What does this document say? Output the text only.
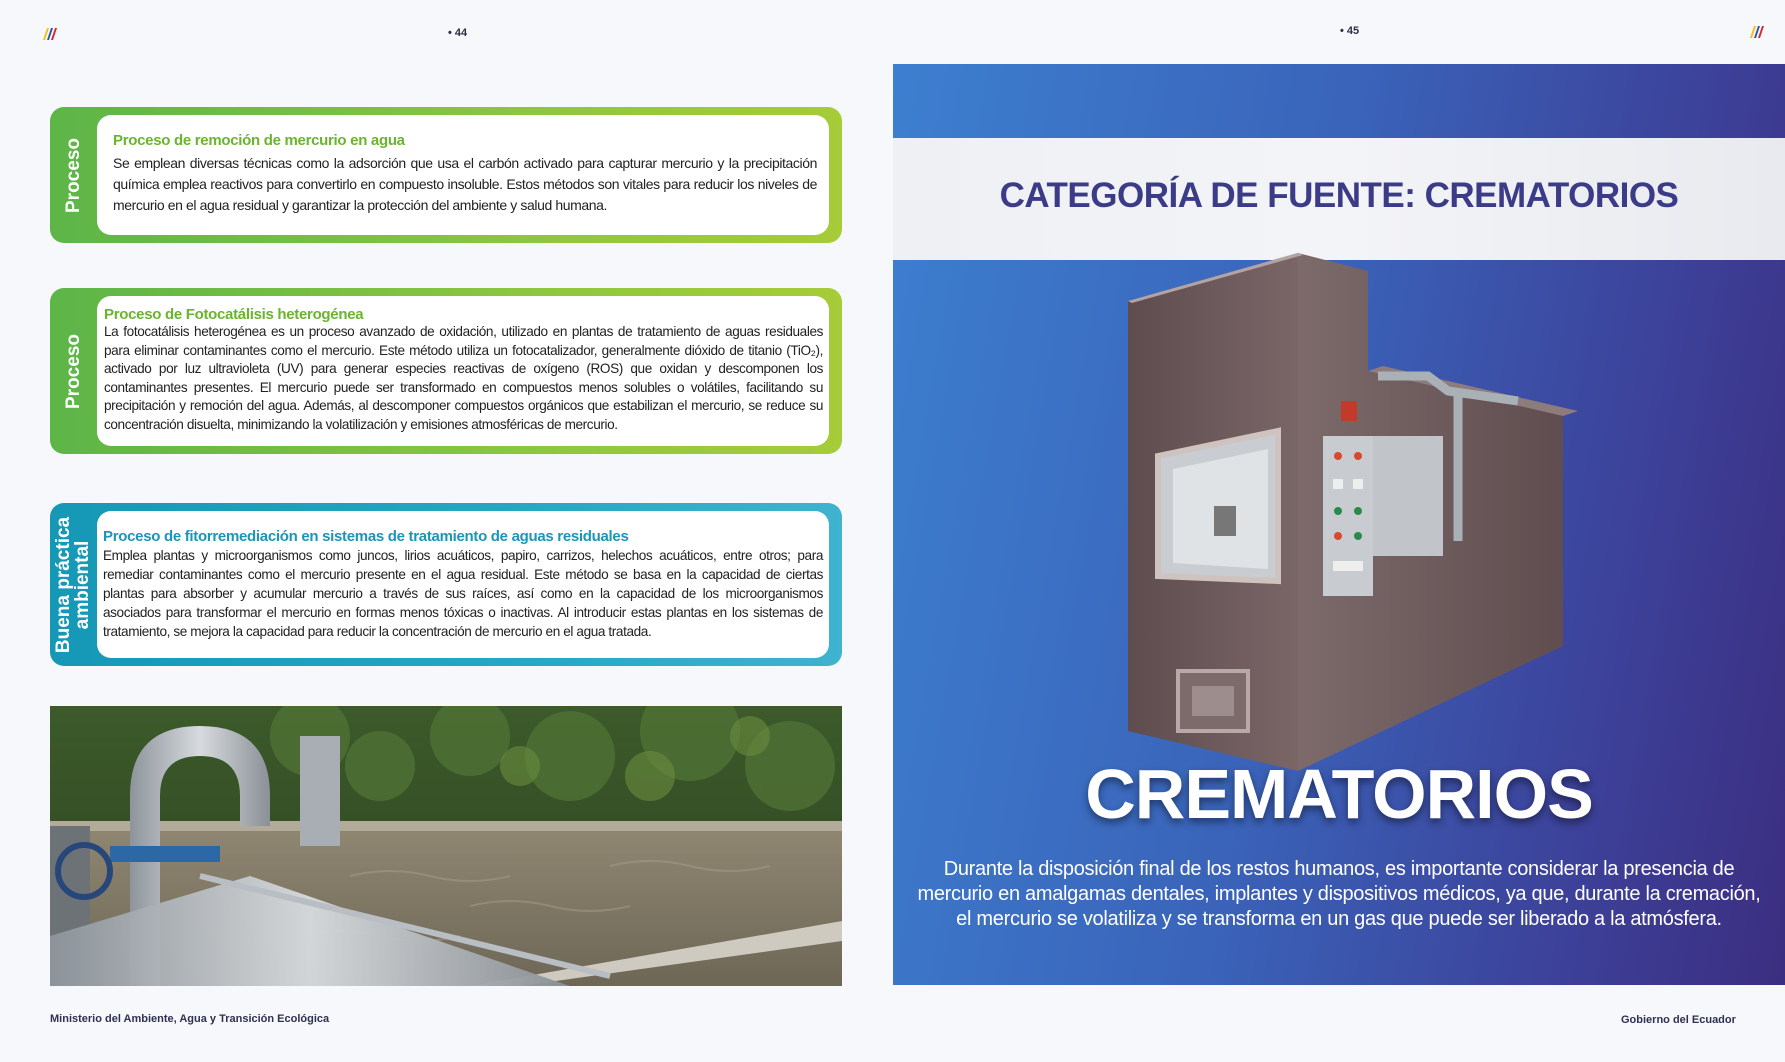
• 44	• 45
Proceso Proceso de remoción de mercurio en agua
Se emplean diversas técnicas como la adsorción que usa el carbón activado para capturar mercurio y la precipitación química emplea reactivos para convertirlo en compuesto insoluble. Estos métodos son vitales para reducir los niveles de mercurio en el agua residual y garantizar la protección del ambiente y salud humana.
Proceso
Proceso de Fotocatálisis heterogénea
La fotocatálisis heterogénea es un proceso avanzado de oxidación, utilizado en plantas de tratamiento de aguas residuales para eliminar contaminantes como el mercurio. Este método utiliza un fotocatalizador, generalmente dióxido de titanio (TiO₂), activado por luz ultravioleta (UV) para generar especies reactivas de oxígeno (ROS) que oxidan y descomponen los contaminantes presentes. El mercurio puede ser transformado en compuestos menos solubles o volátiles, facilitando su precipitación y remoción del agua. Además, al descomponer compuestos orgánicos que estabilizan el mercurio, se reduce su concentración disuelta, minimizando la volatilización y emisiones atmosféricas de mercurio.
Buena práctica
ambiental
Proceso de fitorremediación en sistemas de tratamiento de aguas residuales
Emplea plantas y microorganismos como juncos, lirios acuáticos, papiro, carrizos, helechos acuáticos, entre otros; para remediar contaminantes como el mercurio presente en el agua residual. Este método se basa en la capacidad de ciertas plantas para absorber y acumular mercurio a través de sus raíces, así como en la capacidad de los microorganismos asociados para transformar el mercurio en formas menos tóxicas o inactivas. Al introducir estas plantas en los sistemas de tratamiento, se mejora la capacidad para reducir la concentración de mercurio en el agua tratada.
CATEGORÍA DE FUENTE: CREMATORIOS
CREMATORIOS
Durante la disposición final de los restos humanos, es importante considerar la presencia de mercurio en amalgamas dentales, implantes y dispositivos médicos, ya que, durante la cremación, el mercurio se volatiliza y se transforma en un gas que puede ser liberado a la atmósfera.
Ministerio del Ambiente, Agua y Transición Ecológica	Gobierno del Ecuador
